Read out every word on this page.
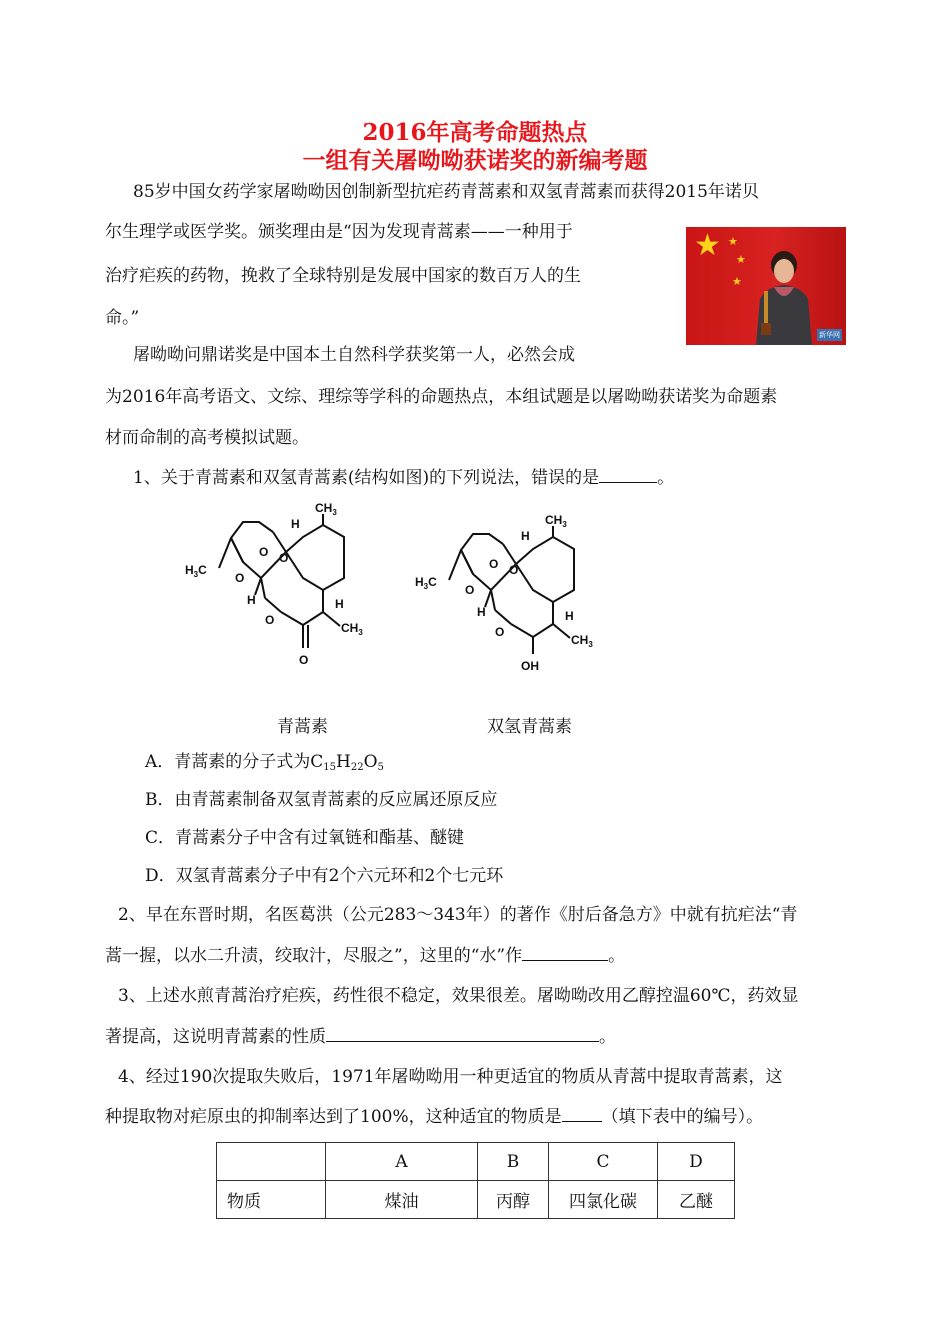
2016年高考命题热点
一组有关屠呦呦获诺奖的新编考题
85岁中国女药学家屠呦呦因创制新型抗疟药青蒿素和双氢青蒿素而获得2015年诺贝
尔生理学或医学奖。颁奖理由是“因为发现青蒿素——一种用于
治疗疟疾的药物，挽救了全球特别是发展中国家的数百万人的生
命。”
屠呦呦问鼎诺奖是中国本土自然科学获奖第一人，必然会成
为2016年高考语文、文综、理综等学科的命题热点，本组试题是以屠呦呦获诺奖为命题素
材而命制的高考模拟试题。
★ ★
★
★
新华网
1、关于青蒿素和双氢青蒿素(结构如图)的下列说法，错误的是	。
$CH_3$
$H_3C$
H
O O
O
H
O
H
$CH_3$
O
$CH_3$
$H_3C$
H
O O
O
H
O
H
$CH_3$
OH
青蒿素	双氢青蒿素
A．青蒿素的分子式为$C_{15}H_{22}O_5$
B．由青蒿素制备双氢青蒿素的反应属还原反应
C．青蒿素分子中含有过氧链和酯基、醚键
D．双氢青蒿素分子中有2个六元环和2个七元环
2、早在东晋时期，名医葛洪（公元283～343年）的著作《肘后备急方》中就有抗疟法“青
蒿一握，以水二升渍，绞取汁，尽服之”，这里的“水”作	。
3、上述水煎青蒿治疗疟疾，药性很不稳定，效果很差。屠呦呦改用乙醇控温60℃，药效显
著提高，这说明青蒿素的性质	。
4、经过190次提取失败后，1971年屠呦呦用一种更适宜的物质从青蒿中提取青蒿素，这
种提取物对疟原虫的抑制率达到了100%，这种适宜的物质是 （填下表中的编号）。
	A	B	C	D
物质	煤油	丙醇	四氯化碳	乙醚
